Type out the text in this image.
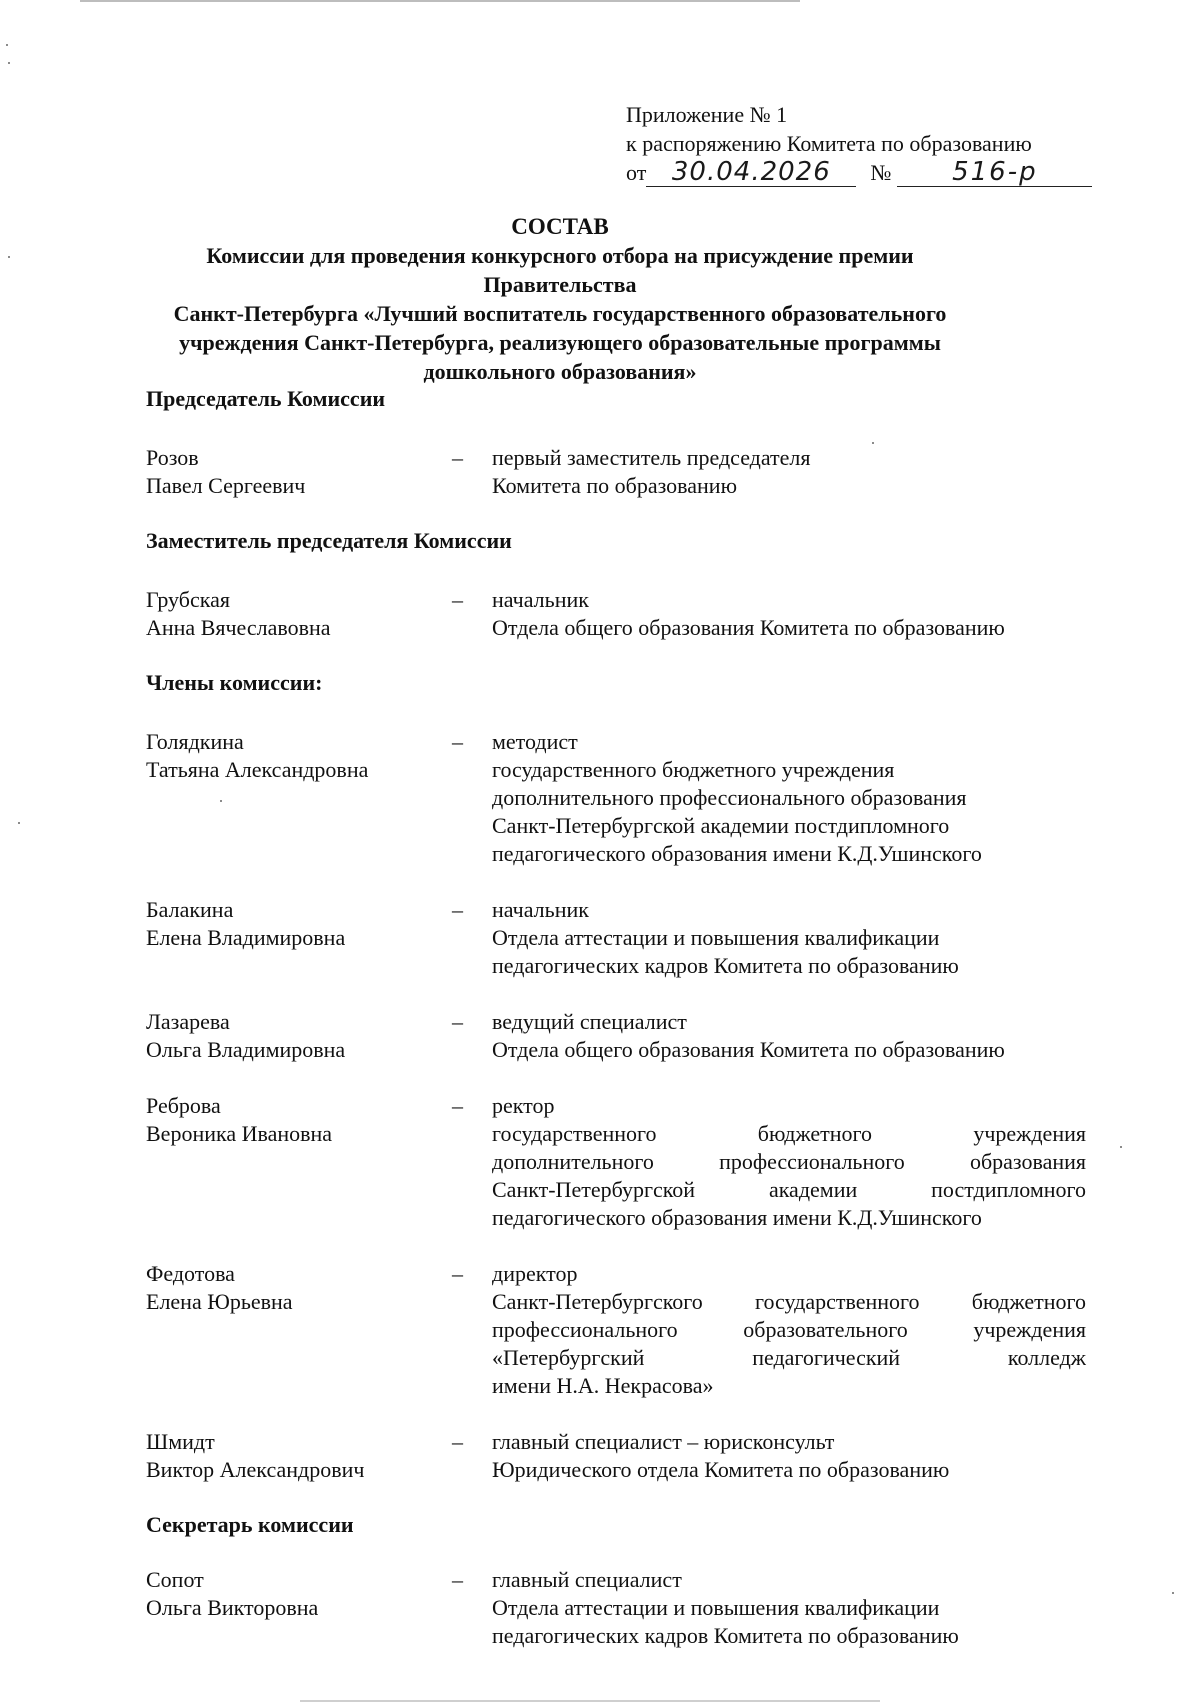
Приложение № 1
к распоряжению Комитета по образованию
от 30.04.2026	№	516-р
СОСТАВ
Комиссии для проведения конкурсного отбора на присуждение премии Правительства
Санкт-Петербурга «Лучший воспитатель государственного образовательного
учреждения Санкт-Петербурга, реализующего образовательные программы
дошкольного образования»
Председатель Комиссии
Розов
Павел Сергеевич
– первый заместитель председателя
Комитета по образованию
Заместитель председателя Комиссии
Грубская
Анна Вячеславовна
– начальник
Отдела общего образования Комитета по образованию
Члены комиссии:
Голядкина
Татьяна Александровна
– методист
государственного бюджетного учреждения
дополнительного профессионального образования
Санкт-Петербургской академии постдипломного
педагогического образования имени К.Д.Ушинского
Балакина
Елена Владимировна
– начальник
Отдела аттестации и повышения квалификации
педагогических кадров Комитета по образованию
Лазарева
Ольга Владимировна
– ведущий специалист
Отдела общего образования Комитета по образованию
Реброва
Вероника Ивановна
– ректор
государственного бюджетного учреждения
дополнительного профессионального образования
Санкт-Петербургской академии постдипломного
педагогического образования имени К.Д.Ушинского
Федотова
Елена Юрьевна
– директор
Санкт-Петербургского государственного бюджетного
профессионального образовательного учреждения
«Петербургский педагогический колледж
имени Н.А. Некрасова»
Шмидт
Виктор Александрович
– главный специалист – юрисконсульт
Юридического отдела Комитета по образованию
Секретарь комиссии
Сопот
Ольга Викторовна
– главный специалист
Отдела аттестации и повышения квалификации
педагогических кадров Комитета по образованию
